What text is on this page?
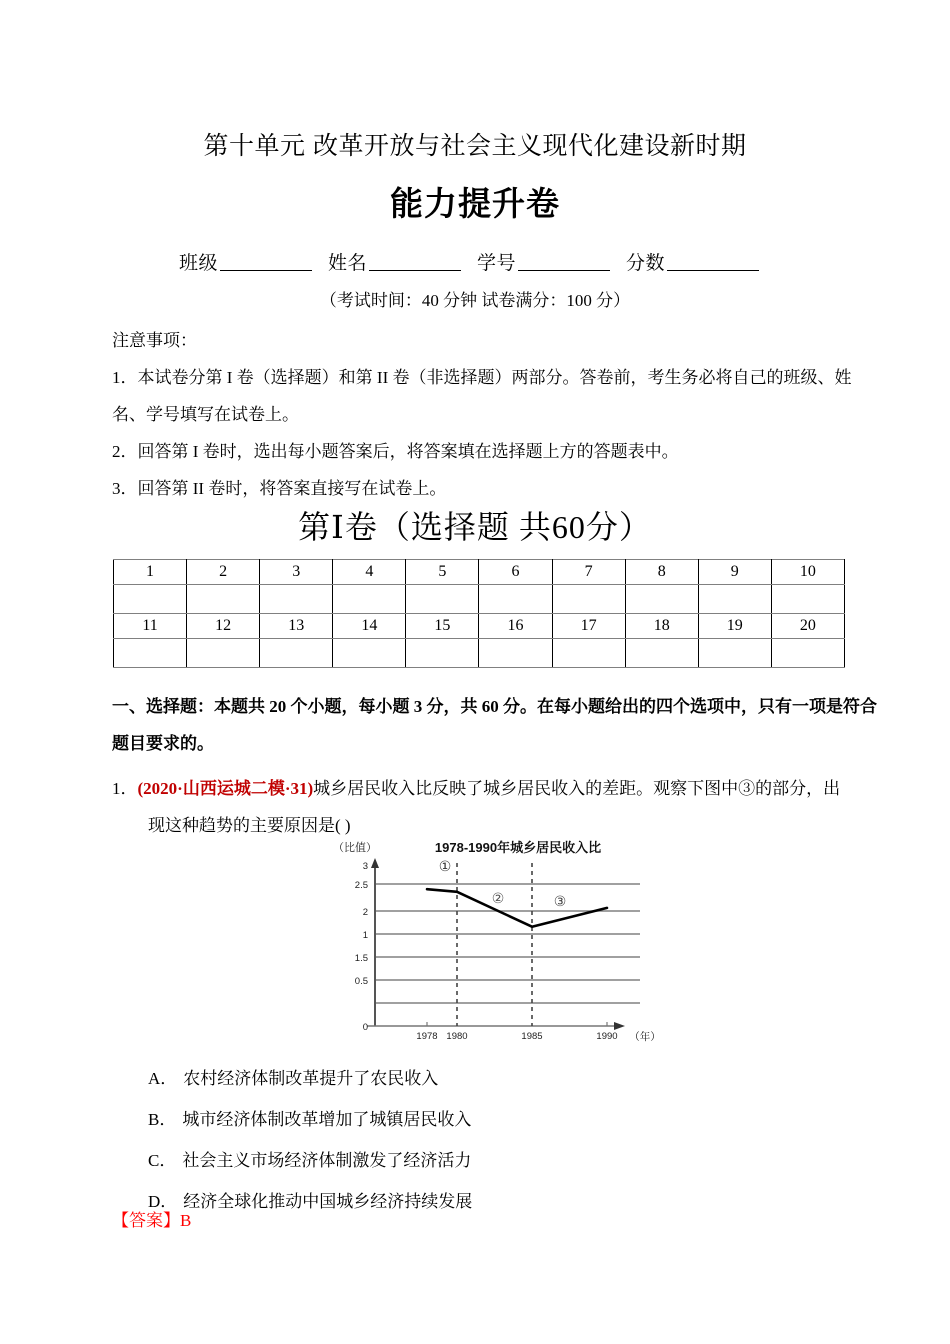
第十单元 改革开放与社会主义现代化建设新时期
能力提升卷
班级	姓名	学号	分数
（考试时间：40 分钟 试卷满分：100 分）
注意事项：
1．本试卷分第 I 卷（选择题）和第 II 卷（非选择题）两部分。答卷前，考生务必将自己的班级、姓名、学号填写在试卷上。
2．回答第 I 卷时，选出每小题答案后，将答案填在选择题上方的答题表中。
3．回答第 II 卷时，将答案直接写在试卷上。
第Ⅰ卷（选择题 共60分）
1	2	3	4	5	6	7	8	9	10

11	12	13	14	15	16	17	18	19	20

一、选择题：本题共 20 个小题，每小题 3 分，共 60 分。在每小题给出的四个选项中，只有一项是符合题目要求的。
1．(2020·山西运城二模·31)城乡居民收入比反映了城乡居民收入的差距。观察下图中③的部分，出
现这种趋势的主要原因是( )
（比值）	1978-1990年城乡居民收入比
3
2.5
2
1.5
1
0.5
0
①
②	③
1978 1980	1985	1990 （年）
A． 农村经济体制改革提升了农民收入
B． 城市经济体制改革增加了城镇居民收入
C． 社会主义市场经济体制激发了经济活力
D． 经济全球化推动中国城乡经济持续发展
【答案】B
